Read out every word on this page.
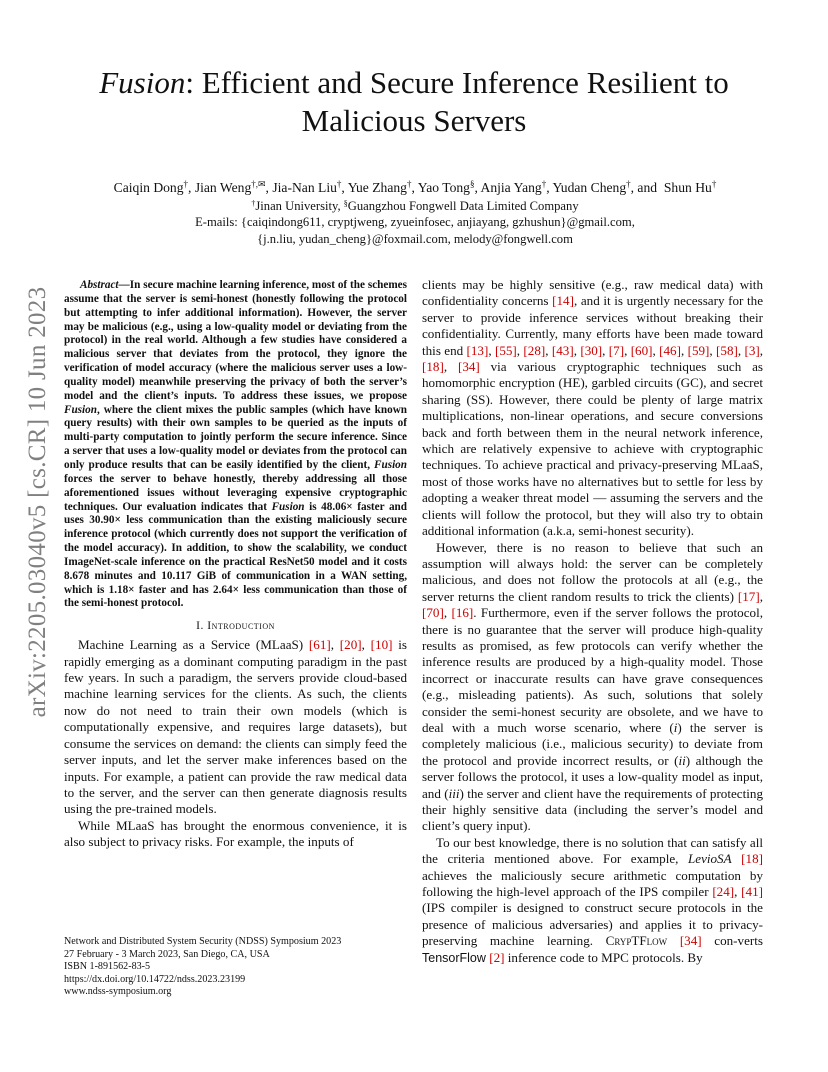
arXiv:2205.03040v5 [cs.CR] 10 Jun 2023
Fusion: Efficient and Secure Inference Resilient to
Malicious Servers
Caiqin Dong†, Jian Weng†,✉, Jia-Nan Liu†, Yue Zhang†, Yao Tong§, Anjia Yang†, Yudan Cheng†, and Shun Hu†
†Jinan University, §Guangzhou Fongwell Data Limited Company
E-mails: {caiqindong611, cryptjweng, zyueinfosec, anjiayang, gzhushun}@gmail.com,
{j.n.liu, yudan_cheng}@foxmail.com, melody@fongwell.com

Abstract—In secure machine learning inference, most of the schemes assume that the server is semi-honest (honestly following the protocol but attempting to infer additional information). However, the server may be malicious (e.g., using a low-quality model or deviating from the protocol) in the real world. Although a few studies have considered a malicious server that deviates from the protocol, they ignore the verification of model accuracy (where the malicious server uses a low-quality model) meanwhile preserving the privacy of both the server’s model and the client’s inputs. To address these issues, we propose Fusion, where the client mixes the public samples (which have known query results) with their own samples to be queried as the inputs of multi-party computation to jointly perform the secure inference. Since a server that uses a low-quality model or deviates from the protocol can only produce results that can be easily identified by the client, Fusion forces the server to behave honestly, thereby addressing all those aforementioned issues without leveraging expensive cryptographic techniques. Our evaluation indicates that Fusion is 48.06× faster and uses 30.90× less communication than the existing maliciously secure inference protocol (which currently does not support the verification of the model accuracy). In addition, to show the scalability, we conduct ImageNet-scale inference on the practical ResNet50 model and it costs 8.678 minutes and 10.117 GiB of communication in a WAN setting, which is 1.18× faster and has 2.64× less communication than those of the semi-honest protocol.

I. Introduction

Machine Learning as a Service (MLaaS) [61], [20], [10] is rapidly emerging as a dominant computing paradigm in the past few years. In such a paradigm, the servers provide cloud-based machine learning services for the clients. As such, the clients now do not need to train their own models (which is computationally expensive, and requires large datasets), but consume the services on demand: the clients can simply feed the server inputs, and let the server make inferences based on the inputs. For example, a patient can provide the raw medical data to the server, and the server can then generate diagnosis results using the pre-trained models.

While MLaaS has brought the enormous convenience, it is also subject to privacy risks. For example, the inputs of

clients may be highly sensitive (e.g., raw medical data) with confidentiality concerns [14], and it is urgently necessary for the server to provide inference services without breaking their confidentiality. Currently, many efforts have been made toward this end [13], [55], [28], [43], [30], [7], [60], [46], [59], [58], [3], [18], [34] via various cryptographic techniques such as homomorphic encryption (HE), garbled circuits (GC), and secret sharing (SS). However, there could be plenty of large matrix multiplications, non-linear operations, and secure conversions back and forth between them in the neural network inference, which are relatively expensive to achieve with cryptographic techniques. To achieve practical and privacy-preserving MLaaS, most of those works have no alternatives but to settle for less by adopting a weaker threat model — assuming the servers and the clients will follow the protocol, but they will also try to obtain additional information (a.k.a, semi-honest security).

However, there is no reason to believe that such an assumption will always hold: the server can be completely malicious, and does not follow the protocols at all (e.g., the server returns the client random results to trick the clients) [17], [70], [16]. Furthermore, even if the server follows the protocol, there is no guarantee that the server will produce high-quality results as promised, as few protocols can verify whether the inference results are produced by a high-quality model. Those incorrect or inaccurate results can have grave consequences (e.g., misleading patients). As such, solutions that solely consider the semi-honest security are obsolete, and we have to deal with a much worse scenario, where (i) the server is completely malicious (i.e., malicious security) to deviate from the protocol and provide incorrect results, or (ii) although the server follows the protocol, it uses a low-quality model as input, and (iii) the server and client have the requirements of protecting their highly sensitive data (including the server’s model and client’s query input).

To our best knowledge, there is no solution that can satisfy all the criteria mentioned above. For example, LevioSA [18] achieves the maliciously secure arithmetic computation by following the high-level approach of the IPS compiler [24], [41] (IPS compiler is designed to construct secure protocols in the presence of malicious adversaries) and applies it to privacy-preserving machine learning. CrypTFlow [34] con-verts TensorFlow [2] inference code to MPC protocols. By

Network and Distributed System Security (NDSS) Symposium 2023
27 February - 3 March 2023, San Diego, CA, USA
ISBN 1-891562-83-5
https://dx.doi.org/10.14722/ndss.2023.23199
www.ndss-symposium.org
